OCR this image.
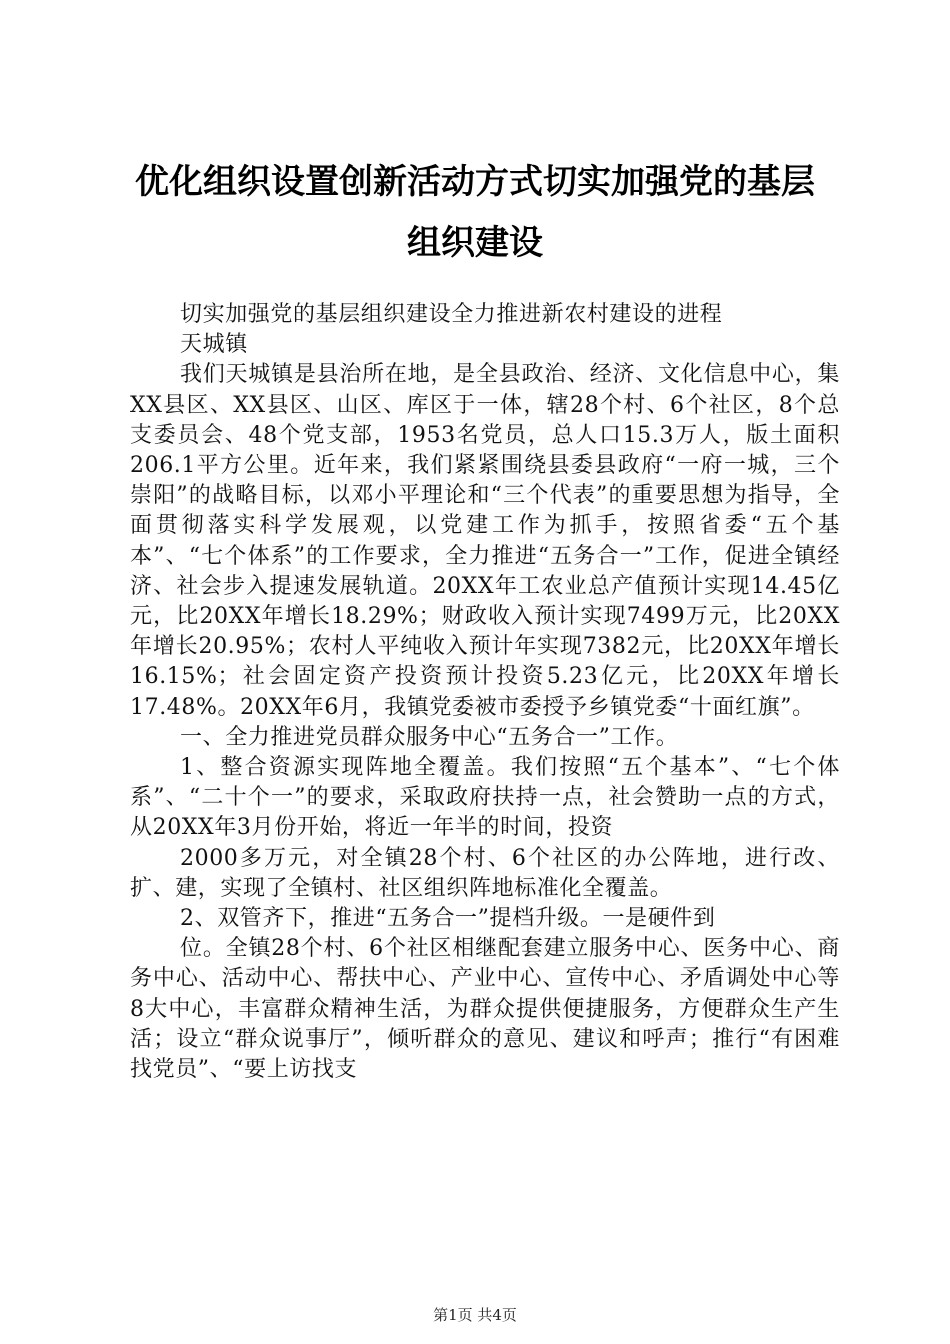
优化组织设置创新活动方式切实加强党的基层
组织建设

切实加强党的基层组织建设全力推进新农村建设的进程

天城镇

我们天城镇是县治所在地，是全县政治、经济、文化信息中心，集XX县区、XX县区、山区、库区于一体，辖28个村、6个社区，8个总支委员会、48个党支部，1953名党员，总人口15.3万人，版土面积206.1平方公里。近年来，我们紧紧围绕县委县政府“一府一城，三个崇阳”的战略目标，以邓小平理论和“三个代表”的重要思想为指导，全面贯彻落实科学发展观，以党建工作为抓手，按照省委“五个基本”、“七个体系”的工作要求，全力推进“五务合一”工作，促进全镇经济、社会步入提速发展轨道。20XX年工农业总产值预计实现14.45亿元，比20XX年增长18.29%；财政收入预计实现7499万元，比20XX年增长20.95%；农村人平纯收入预计年实现7382元，比20XX年增长16.15%；社会固定资产投资预计投资5.23亿元，比20XX年增长17.48%。20XX年6月，我镇党委被市委授予乡镇党委“十面红旗”。

一、全力推进党员群众服务中心“五务合一”工作。

1、整合资源实现阵地全覆盖。我们按照“五个基本”、“七个体系”、“二十个一”的要求，采取政府扶持一点，社会赞助一点的方式，从20XX年3月份开始，将近一年半的时间，投资

2000多万元，对全镇28个村、6个社区的办公阵地，进行改、扩、建，实现了全镇村、社区组织阵地标准化全覆盖。

2、双管齐下，推进“五务合一”提档升级。一是硬件到

位。全镇28个村、6个社区相继配套建立服务中心、医务中心、商务中心、活动中心、帮扶中心、产业中心、宣传中心、矛盾调处中心等8大中心，丰富群众精神生活，为群众提供便捷服务，方便群众生产生活；设立“群众说事厅”，倾听群众的意见、建议和呼声；推行“有困难找党员”、“要上访找支

第1页 共4页
